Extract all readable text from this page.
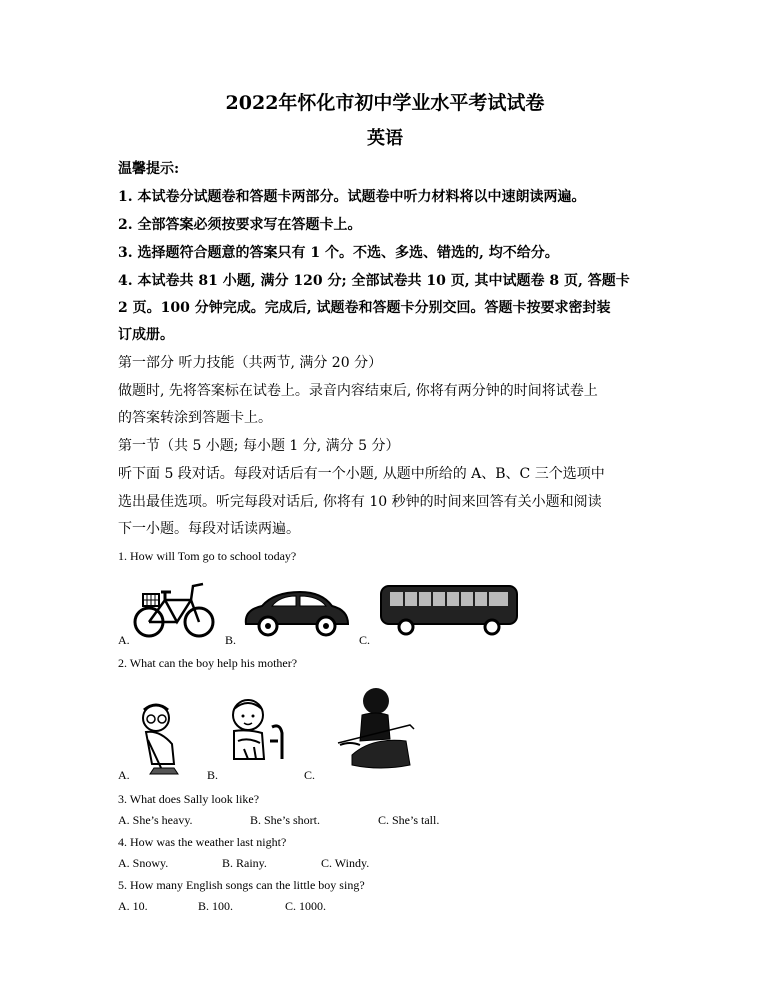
2022年怀化市初中学业水平考试试卷
英语
温馨提示:
1. 本试卷分试题卷和答题卡两部分。试题卷中听力材料将以中速朗读两遍。
2. 全部答案必须按要求写在答题卡上。
3. 选择题符合题意的答案只有 1 个。不选、多选、错选的, 均不给分。
4. 本试卷共 81 小题, 满分 120 分; 全部试卷共 10 页, 其中试题卷 8 页, 答题卡
2 页。100 分钟完成。完成后, 试题卷和答题卡分别交回。答题卡按要求密封装
订成册。
第一部分 听力技能（共两节, 满分 20 分）
做题时, 先将答案标在试卷上。录音内容结束后, 你将有两分钟的时间将试卷上
的答案转涂到答题卡上。
第一节（共 5 小题; 每小题 1 分, 满分 5 分）
听下面 5 段对话。每段对话后有一个小题, 从题中所给的 A、B、C 三个选项中
选出最佳选项。听完每段对话后, 你将有 10 秒钟的时间来回答有关小题和阅读
下一小题。每段对话读两遍。
1. How will Tom go to school today?
A.	B.	C.
2. What can the boy help his mother?
A.	B.	C.
3. What does Sally look like?
A. She’s heavy.	B. She’s short.	C. She’s tall.
4. How was the weather last night?
A. Snowy.	B. Rainy.	C. Windy.
5. How many English songs can the little boy sing?
A. 10.	B. 100.	C. 1000.
